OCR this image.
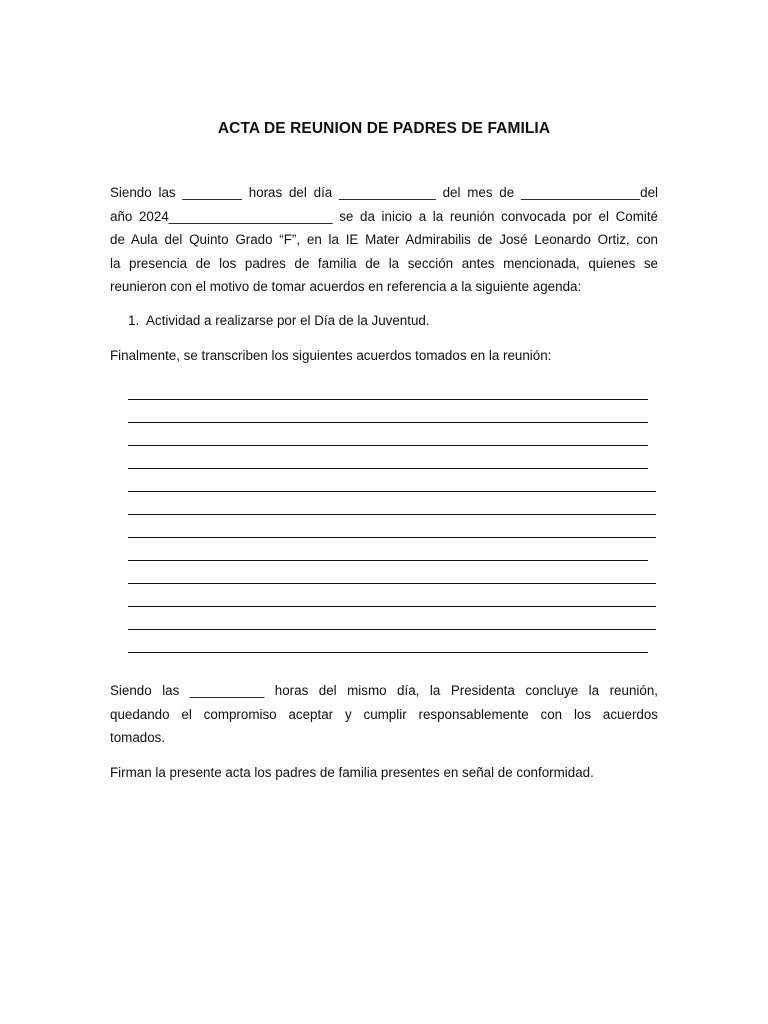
ACTA DE REUNION DE PADRES DE FAMILIA
Siendo las ________ horas del día _____________ del mes de ________________del
año 2024______________________ se da inicio a la reunión convocada por el Comité
de Aula del Quinto Grado “F”, en la IE Mater Admirabilis de José Leonardo Ortiz, con
la presencia de los padres de familia de la sección antes mencionada, quienes se
reunieron con el motivo de tomar acuerdos en referencia a la siguiente agenda:
1. Actividad a realizarse por el Día de la Juventud.
Finalmente, se transcriben los siguientes acuerdos tomados en la reunión:
Siendo las __________ horas del mismo día, la Presidenta concluye la reunión,
quedando el compromiso aceptar y cumplir responsablemente con los acuerdos
tomados.
Firman la presente acta los padres de familia presentes en señal de conformidad.
